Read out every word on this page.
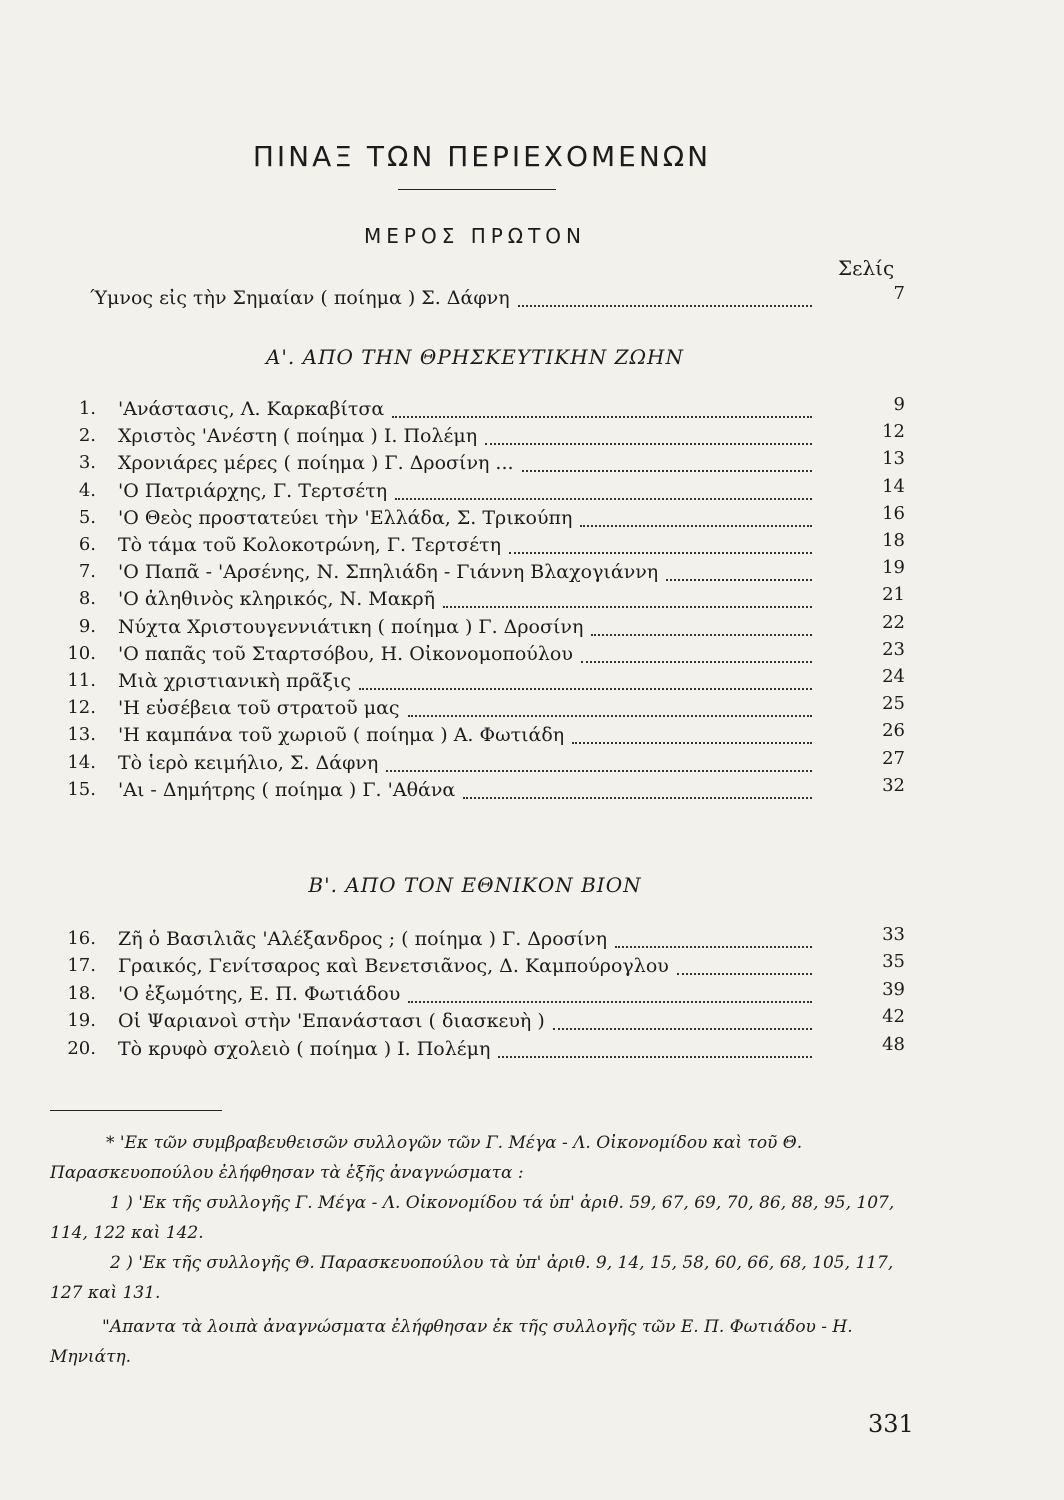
ΠΙΝΑΞ ΤΩΝ ΠΕΡΙΕΧΟΜΕΝΩΝ
ΜΕΡΟΣ ΠΡΩΤΟΝ
Σελίς
Ύμνος εἰς τὴν Σημαίαν ( ποίημα ) Σ. Δάφνη	7
Α'. ΑΠΟ ΤΗΝ ΘΡΗΣΚΕΥΤΙΚΗΝ ΖΩΗΝ
1. 'Ανάστασις, Λ. Καρκαβίτσα	9
2. Χριστὸς 'Ανέστη ( ποίημα ) Ι. Πολέμη	12
3. Χρονιάρες μέρες ( ποίημα ) Γ. Δροσίνη ...	13
4. 'Ο Πατριάρχης, Γ. Τερτσέτη	14
5. 'Ο Θεὸς προστατεύει τὴν 'Ελλάδα, Σ. Τρικούπη	16
6. Τὸ τάμα τοῦ Κολοκοτρώνη, Γ. Τερτσέτη	18
7. 'Ο Παπᾶ - 'Αρσένης, Ν. Σπηλιάδη - Γιάννη Βλαχογιάννη	19
8. 'Ο ἀληθινὸς κληρικός, Ν. Μακρῆ	21
9. Νύχτα Χριστουγεννιάτικη ( ποίημα ) Γ. Δροσίνη	22
10. 'Ο παπᾶς τοῦ Σταρτσόβου, Η. Οἰκονομοπούλου	23
11. Μιὰ χριστιανικὴ πρᾶξις	24
12. 'Η εὐσέβεια τοῦ στρατοῦ μας	25
13. 'Η καμπάνα τοῦ χωριοῦ ( ποίημα ) Α. Φωτιάδη	26
14. Τὸ ἱερὸ κειμήλιο, Σ. Δάφνη	27
15. 'Αι - Δημήτρης ( ποίημα ) Γ. 'Αθάνα	32
Β'. ΑΠΟ ΤΟΝ ΕΘΝΙΚΟΝ ΒΙΟΝ
16. Ζῆ ὁ Βασιλιᾶς 'Αλέξανδρος ; ( ποίημα ) Γ. Δροσίνη	33
17. Γραικός, Γενίτσαρος καὶ Βενετσιᾶνος, Δ. Καμπούρογλου	35
18. 'Ο ἐξωμότης, Ε. Π. Φωτιάδου	39
19. Οἱ Ψαριανοὶ στὴν 'Επανάστασι ( διασκευὴ )	42
20. Τὸ κρυφὸ σχολειὸ ( ποίημα ) Ι. Πολέμη	48
* 'Εκ τῶν συμβραβευθεισῶν συλλογῶν τῶν Γ. Μέγα - Λ. Οἰκονομίδου καὶ τοῦ Θ. Παρασκευοπούλου ἐλήφθησαν τὰ ἑξῆς ἀναγνώσματα :
1 ) 'Εκ τῆς συλλογῆς Γ. Μέγα - Λ. Οἰκονομίδου τά ὑπ' ἀριθ. 59, 67, 69, 70, 86, 88, 95, 107, 114, 122 καὶ 142.
2 ) 'Εκ τῆς συλλογῆς Θ. Παρασκευοπούλου τὰ ὑπ' ἀριθ. 9, 14, 15, 58, 60, 66, 68, 105, 117, 127 καὶ 131.
"Απαντα τὰ λοιπὰ ἀναγνώσματα ἐλήφθησαν ἐκ τῆς συλλογῆς τῶν Ε. Π. Φωτιάδου - Η. Μηνιάτη.
331
